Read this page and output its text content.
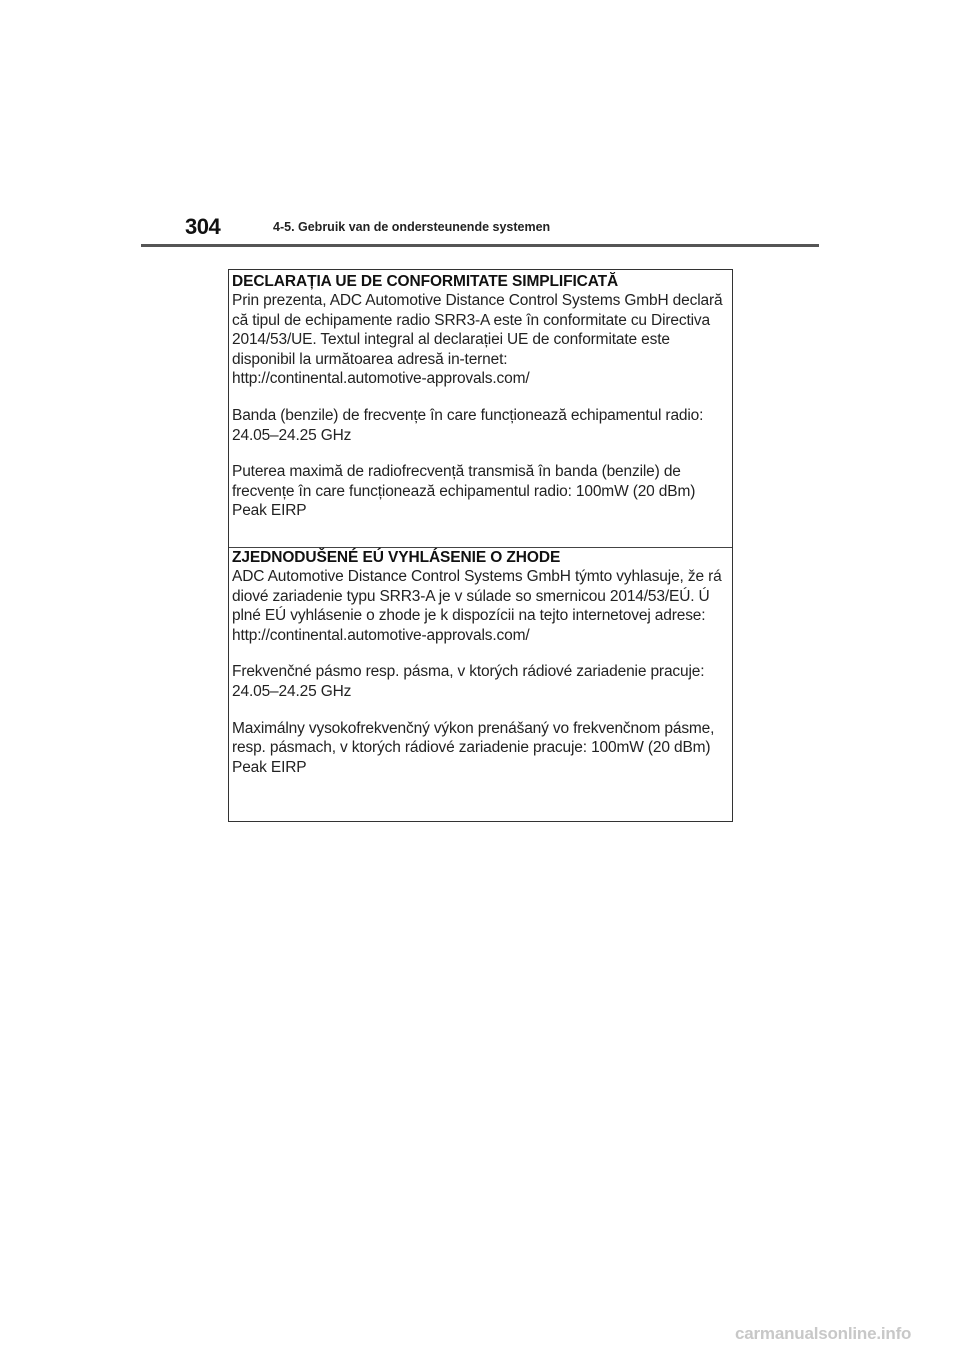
304	4-5. Gebruik van de ondersteunende systemen
DECLARAȚIA UE DE CONFORMITATE SIMPLIFICATĂ
Prin prezenta, ADC Automotive Distance Control Systems GmbH declară
că tipul de echipamente radio SRR3-A este în conformitate cu Directiva
2014/53/UE. Textul integral al declarației UE de conformitate este
disponibil la următoarea adresă in-ternet:
http://continental.automotive-approvals.com/
Banda (benzile) de frecvențe în care funcționează echipamentul radio:
24.05–24.25 GHz
Puterea maximă de radiofrecvență transmisă în banda (benzile) de
frecvențe în care funcționează echipamentul radio: 100mW (20 dBm)
Peak EIRP
ZJEDNODUŠENÉ EÚ VYHLÁSENIE O ZHODE
ADC Automotive Distance Control Systems GmbH týmto vyhlasuje, že rá
diové zariadenie typu SRR3-A je v súlade so smernicou 2014/53/EÚ. Ú
plné EÚ vyhlásenie o zhode je k dispozícii na tejto internetovej adrese:
http://continental.automotive-approvals.com/
Frekvenčné pásmo resp. pásma, v ktorých rádiové zariadenie pracuje:
24.05–24.25 GHz
Maximálny vysokofrekvenčný výkon prenášaný vo frekvenčnom pásme,
resp. pásmach, v ktorých rádiové zariadenie pracuje: 100mW (20 dBm)
Peak EIRP
carmanualsonline.info
